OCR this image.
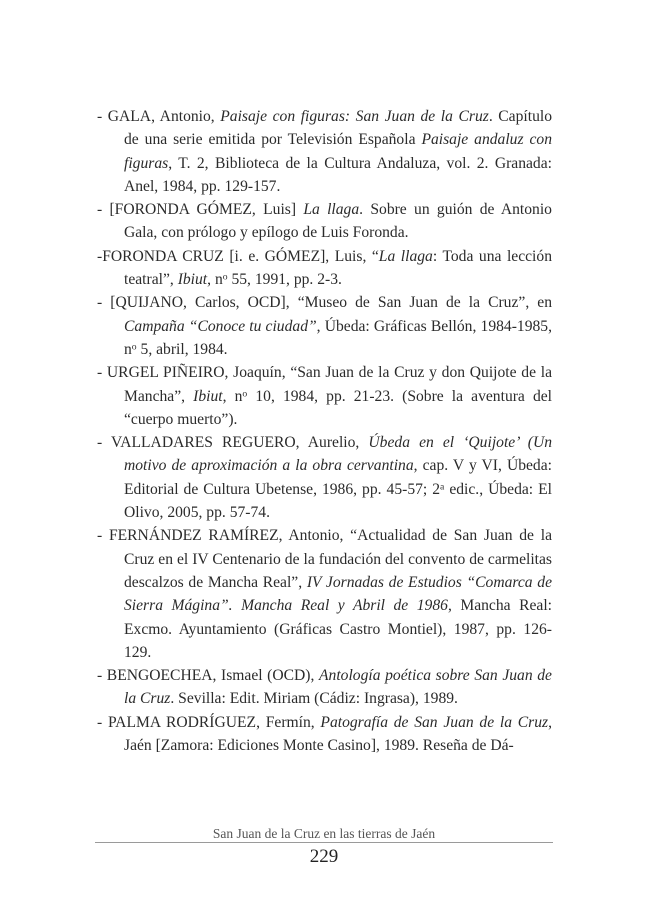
- GALA, Antonio, Paisaje con figuras: San Juan de la Cruz. Capítulo de una serie emitida por Televisión Española Paisaje andaluz con figuras, T. 2, Biblioteca de la Cultura Andaluza, vol. 2. Granada: Anel, 1984, pp. 129-157.

- [FORONDA GÓMEZ, Luis] La llaga. Sobre un guión de Antonio Gala, con prólogo y epílogo de Luis Foronda.

-FORONDA CRUZ [i. e. GÓMEZ], Luis, “La llaga: Toda una lección teatral”, Ibiut, $n^o$ 55, 1991, pp. 2-3.

- [QUIJANO, Carlos, OCD], “Museo de San Juan de la Cruz”, en Campaña “Conoce tu ciudad”, Úbeda: Gráficas Bellón, 1984-1985, $n^o$ 5, abril, 1984.

- URGEL PIÑEIRO, Joaquín, “San Juan de la Cruz y don Quijote de la Mancha”, Ibiut, $n^o$ 10, 1984, pp. 21-23. (Sobre la aventura del “cuerpo muerto”).

- VALLADARES REGUERO, Aurelio, Úbeda en el ‘Quijote’ (Un motivo de aproximación a la obra cervantina, cap. V y VI, Úbeda: Editorial de Cultura Ubetense, 1986, pp. 45-57; 2$^a$ edic., Úbeda: El Olivo, 2005, pp. 57-74.

- FERNÁNDEZ RAMÍREZ, Antonio, “Actualidad de San Juan de la Cruz en el IV Centenario de la fundación del convento de carmelitas descalzos de Mancha Real”, IV Jornadas de Estudios “Comarca de Sierra Mágina”. Mancha Real y Abril de 1986, Mancha Real: Excmo. Ayuntamiento (Gráficas Castro Montiel), 1987, pp. 126-129.

- BENGOECHEA, Ismael (OCD), Antología poética sobre San Juan de la Cruz. Sevilla: Edit. Miriam (Cádiz: Ingrasa), 1989.

- PALMA RODRÍGUEZ, Fermín, Patografía de San Juan de la Cruz, Jaén [Zamora: Ediciones Monte Casino], 1989. Reseña de Dá-

San Juan de la Cruz en las tierras de Jaén
229
